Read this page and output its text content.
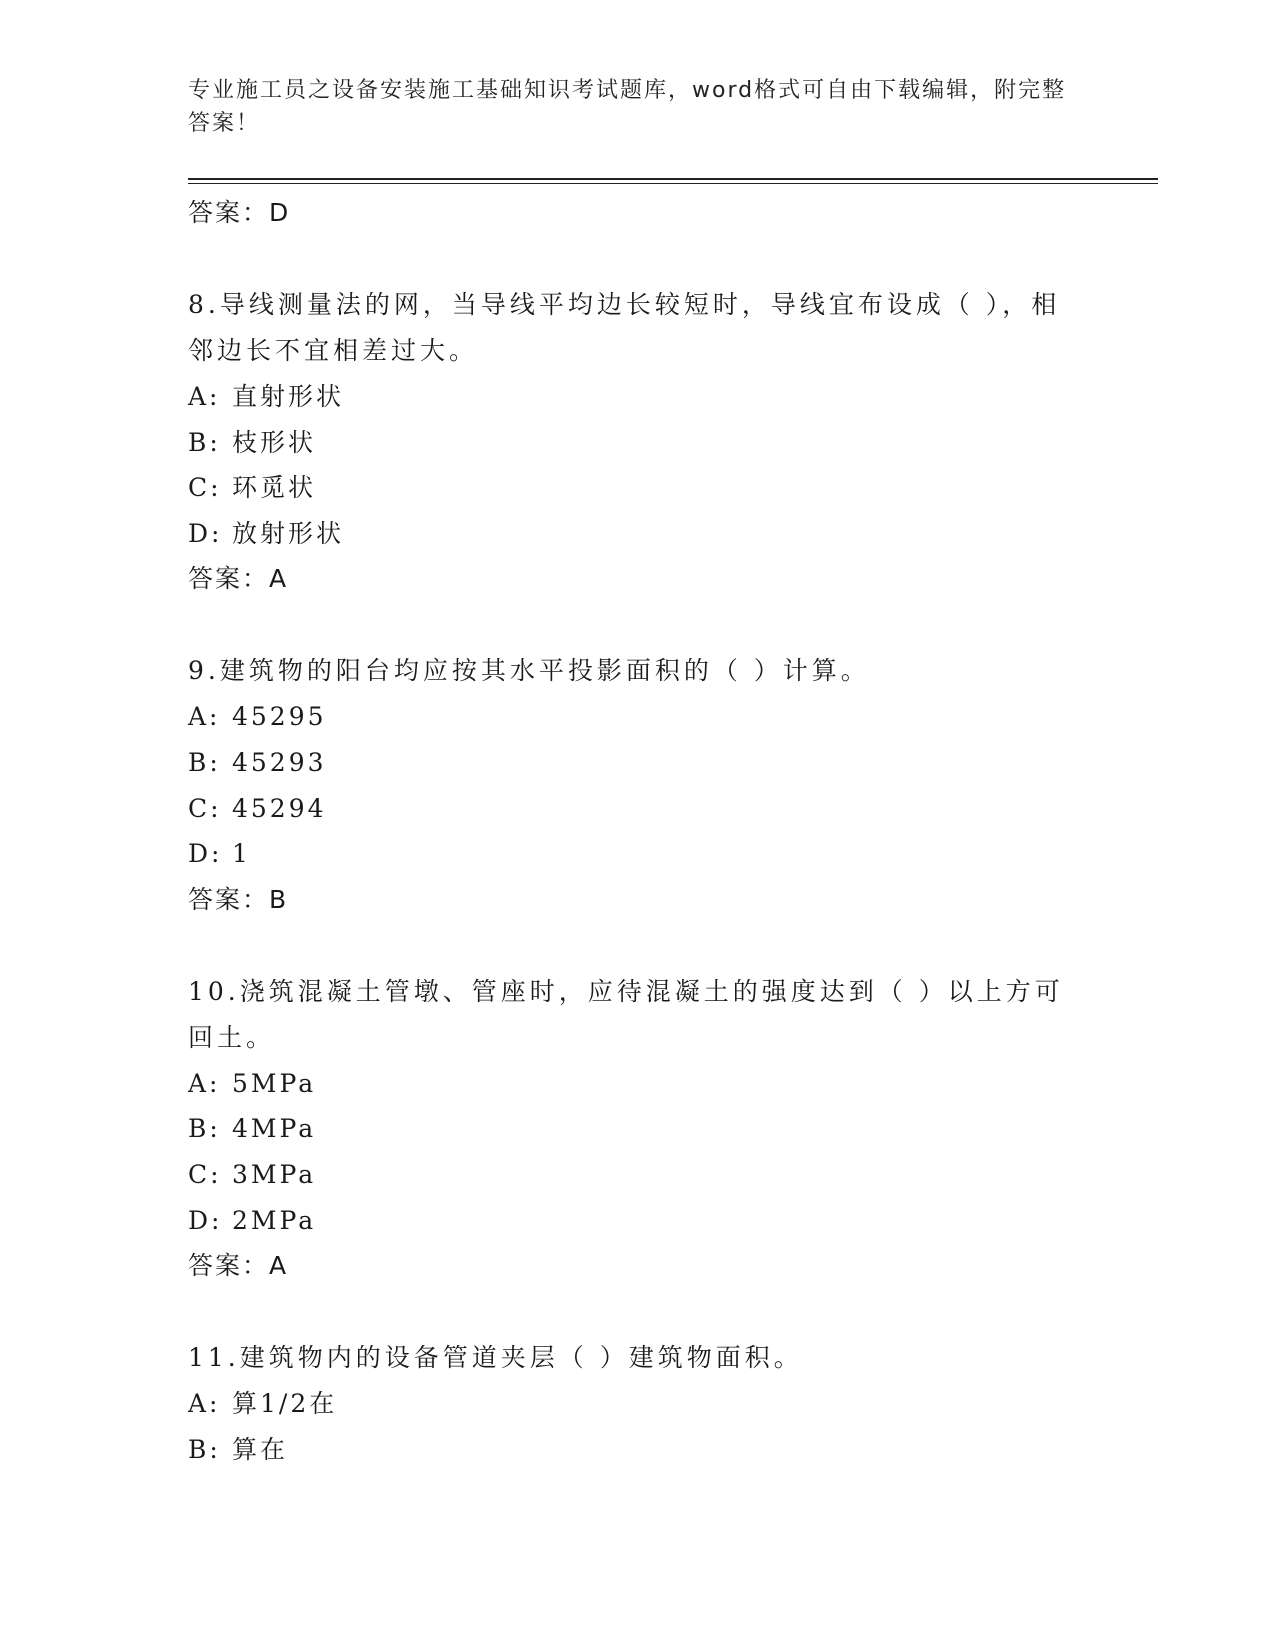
专业施工员之设备安装施工基础知识考试题库，word格式可自由下载编辑，附完整答案！
答案：D
8.导线测量法的网，当导线平均边长较短时，导线宜布设成（ ），相邻边长不宜相差过大。
A: 直射形状
B: 枝形状
C: 环觅状
D: 放射形状
答案：A
9.建筑物的阳台均应按其水平投影面积的（ ）计算。
A: 45295
B: 45293
C: 45294
D: 1
答案：B
10.浇筑混凝土管墩、管座时，应待混凝土的强度达到（ ）以上方可回土。
A: 5MPa
B: 4MPa
C: 3MPa
D: 2MPa
答案：A
11.建筑物内的设备管道夹层（ ）建筑物面积。
A: 算1/2在
B: 算在
